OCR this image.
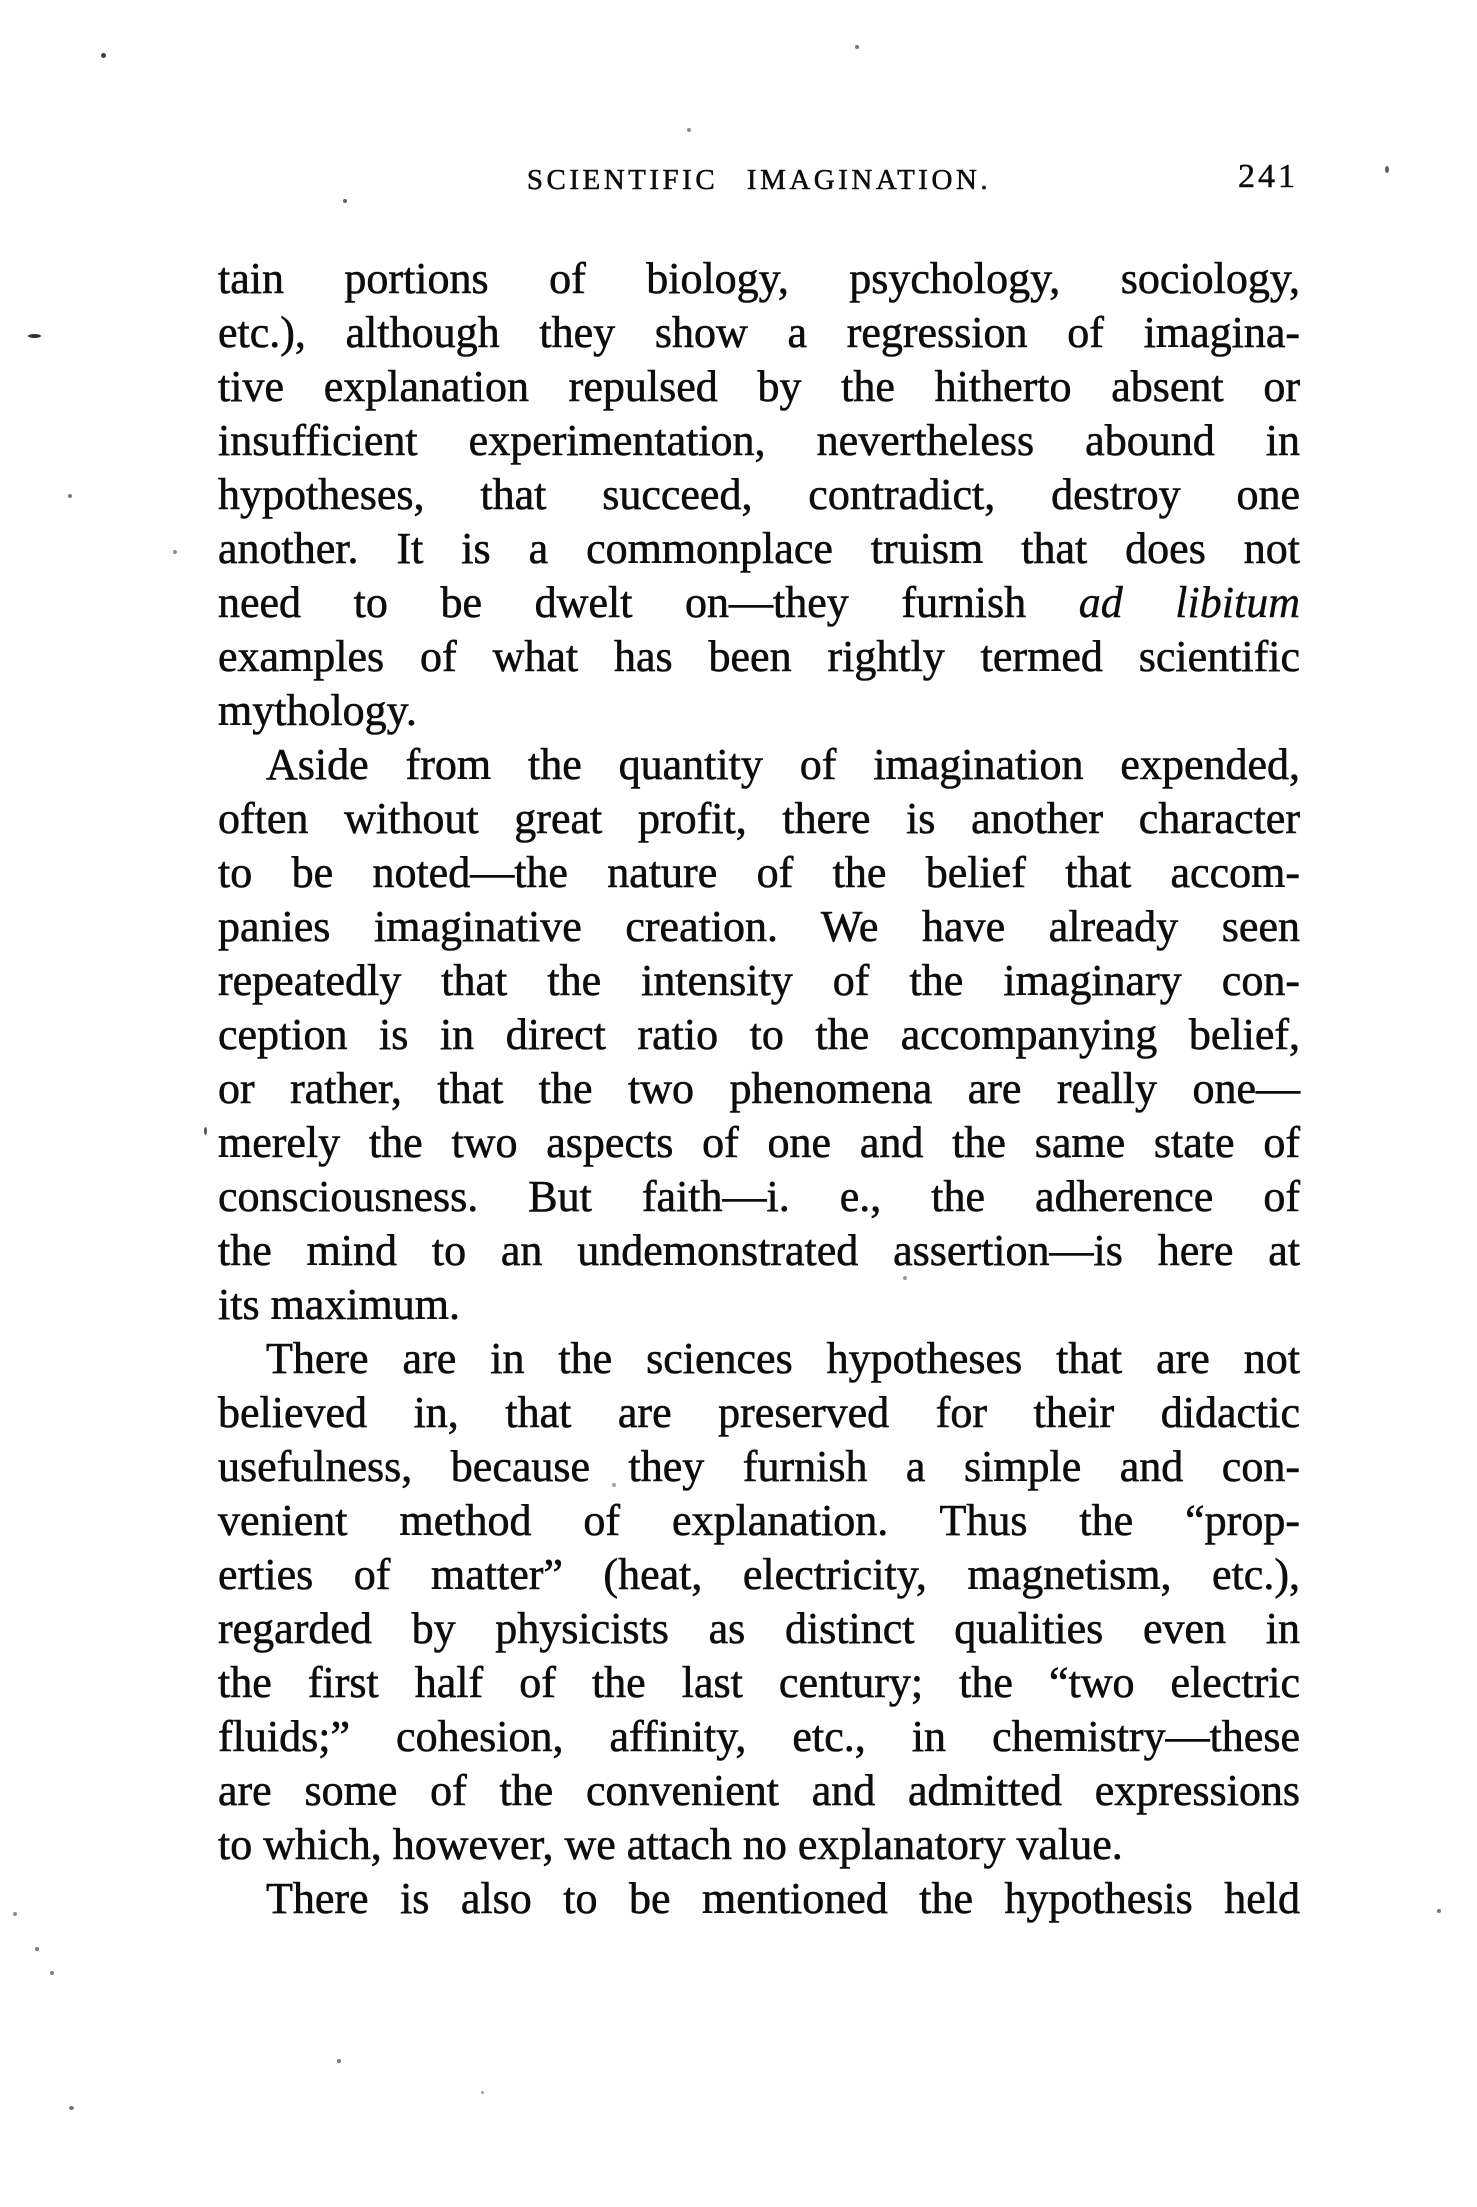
SCIENTIFIC IMAGINATION.	241
tain portions of biology, psychology, sociology,
etc.), although they show a regression of imagina-
tive explanation repulsed by the hitherto absent or
insufficient experimentation, nevertheless abound in
hypotheses, that succeed, contradict, destroy one
another. It is a commonplace truism that does not
need to be dwelt on—they furnish ad libitum
examples of what has been rightly termed scientific
mythology.
Aside from the quantity of imagination expended,
often without great profit, there is another character
to be noted—the nature of the belief that accom-
panies imaginative creation. We have already seen
repeatedly that the intensity of the imaginary con-
ception is in direct ratio to the accompanying belief,
or rather, that the two phenomena are really one—
merely the two aspects of one and the same state of
consciousness. But faith—i. e., the adherence of
the mind to an undemonstrated assertion—is here at
its maximum.
There are in the sciences hypotheses that are not
believed in, that are preserved for their didactic
usefulness, because they furnish a simple and con-
venient method of explanation. Thus the “prop-
erties of matter” (heat, electricity, magnetism, etc.),
regarded by physicists as distinct qualities even in
the first half of the last century; the “two electric
fluids;” cohesion, affinity, etc., in chemistry—these
are some of the convenient and admitted expressions
to which, however, we attach no explanatory value.
There is also to be mentioned the hypothesis held
